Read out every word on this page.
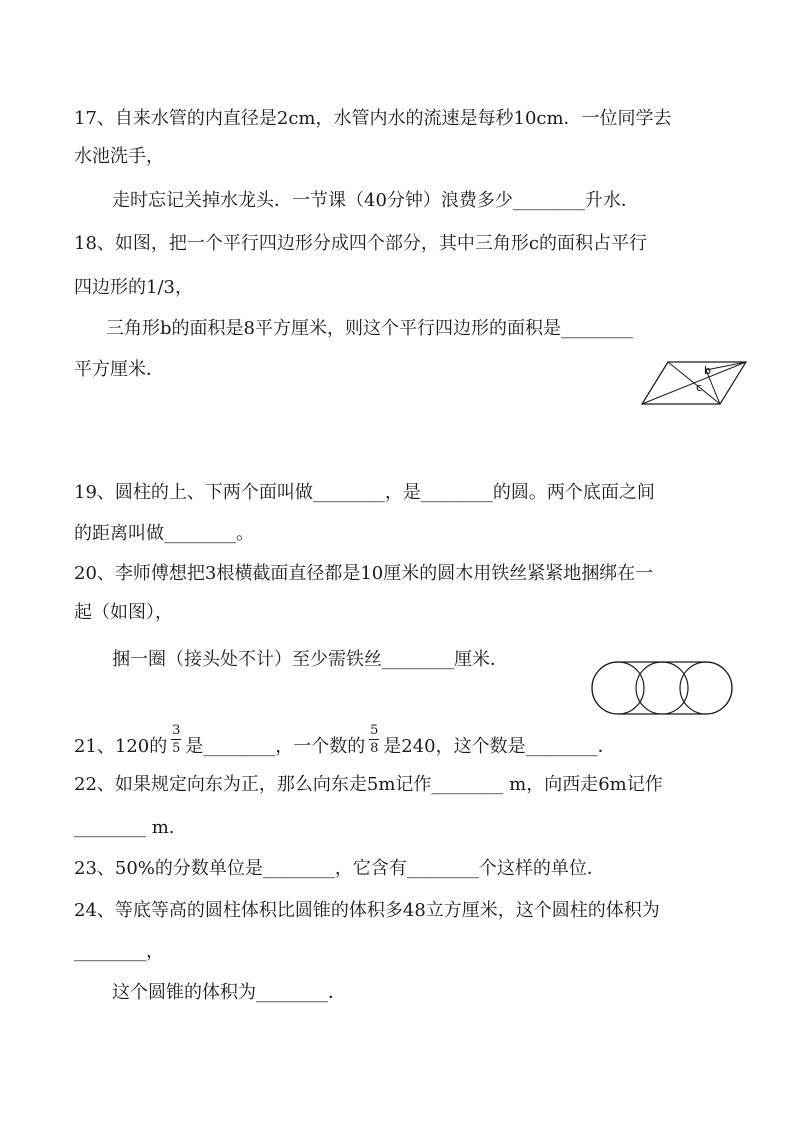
17、自来水管的内直径是2cm，水管内水的流速是每秒10cm．一位同学去
水池洗手，
走时忘记关掉水龙头．一节课（40分钟）浪费多少________升水．
18、如图，把一个平行四边形分成四个部分，其中三角形c的面积占平行
四边形的1/3，
三角形b的面积是8平方厘米，则这个平行四边形的面积是________
平方厘米．	b
c
19、圆柱的上、下两个面叫做________，是________的圆。两个底面之间
的距离叫做________。
20、李师傅想把3根横截面直径都是10厘米的圆木用铁丝紧紧地捆绑在一
起（如图），
捆一圈（接头处不计）至少需铁丝________厘米．
21、120的 $\frac{3}{5}$ 是________，一个数的 $\frac{5}{8}$ 是240，这个数是________．
22、如果规定向东为正，那么向东走5m记作________ m，向西走6m记作
________ m.
23、50%的分数单位是________，它含有________个这样的单位．
24、等底等高的圆柱体积比圆锥的体积多48立方厘米，这个圆柱的体积为
________，
这个圆锥的体积为________．
